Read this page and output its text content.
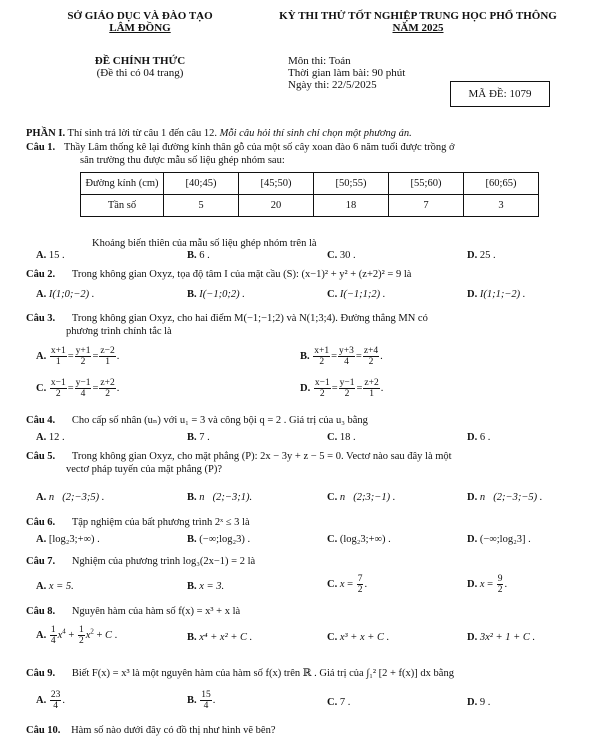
SỞ GIÁO DỤC VÀ ĐÀO TẠO
LÂM ĐỒNG
KỲ THI THỬ TỐT NGHIỆP TRUNG HỌC PHỔ THÔNG
NĂM 2025
ĐỀ CHÍNH THỨC
(Đề thi có 04 trang)
Môn thi: Toán
Thời gian làm bài: 90 phút
Ngày thi: 22/5/2025
MÃ ĐỀ: 1079
PHẦN I. Thí sinh trả lời từ câu 1 đến câu 12. Mỗi câu hỏi thí sinh chỉ chọn một phương án.
Câu 1. Thầy Lâm thống kê lại đường kính thân gỗ của một số cây xoan đào 6 năm tuổi được trồng ở
sân trường thu được mẫu số liệu ghép nhóm sau:
Đường kính (cm)	[40;45)	[45;50)	[50;55)	[55;60)	[60;65)
Tần số	5	20	18	7	3
Khoảng biến thiên của mẫu số liệu ghép nhóm trên là
A. 15 .	B. 6 .	C. 30 .	D. 25 .
Câu 2. Trong không gian Oxyz, tọa độ tâm I của mặt cầu (S): (x−1)² + y² + (z+2)² = 9 là
A. I(1;0;−2) .	B. I(−1;0;2) .	C. I(−1;1;2) .	D. I(1;1;−2) .
Câu 3. Trong không gian Oxyz, cho hai điểm M(−1;−1;2) và N(1;3;4). Đường thẳng MN có
phương trình chính tắc là
A. $\frac{x+1}{1} = \frac{y+1}{2} = \frac{z-2}{1}$ .	B. $\frac{x+1}{2} = \frac{y+3}{4} = \frac{z+4}{2}$ .
C. $\frac{x-1}{2} = \frac{y-1}{4} = \frac{z+2}{2}$ .	D. $\frac{x-1}{2} = \frac{y-1}{2} = \frac{z+2}{1}$ .
Câu 4. Cho cấp số nhân (uₙ) với u₁ = 3 và công bội q = 2 . Giá trị của u₃ bằng
A. 12 .	B. 7 .	C. 18 .	D. 6 .
Câu 5. Trong không gian Oxyz, cho mặt phẳng (P): 2x − 3y + z − 5 = 0. Vectơ nào sau đây là một
vectơ pháp tuyến của mặt phẳng (P)?
A. n⃗(2;−3;5) .	B. n⃗(2;−3;1).	C. n⃗(2;3;−1) .	D. n⃗(2;−3;−5) .
Câu 6. Tập nghiệm của bất phương trình 2ˣ ≤ 3 là
A. [log₂3;+∞) .	B. (−∞;log₂3) .	C. (log₂3;+∞) .	D. (−∞;log₂3] .
Câu 7. Nghiệm của phương trình log₃(2x−1) = 2 là
A. x = 5.	B. x = 3.	C. $x = \frac{7}{2}$ .	D. $x = \frac{9}{2}$ .
Câu 8. Nguyên hàm của hàm số f(x) = x³ + x là
A. $\frac{1}{4} x^4 + \frac{1}{2} x^2 + C$ .	B. x⁴ + x² + C .	C. x³ + x + C .	D. 3x² + 1 + C .
Câu 9. Biết F(x) = x³ là một nguyên hàm của hàm số f(x) trên ℝ . Giá trị của ∫₁² [2 + f(x)] dx bằng
A. $\frac{23}{4}$ .	B. $\frac{15}{4}$ .	C. 7 .	D. 9 .
Câu 10. Hàm số nào dưới đây có đồ thị như hình vẽ bên?
